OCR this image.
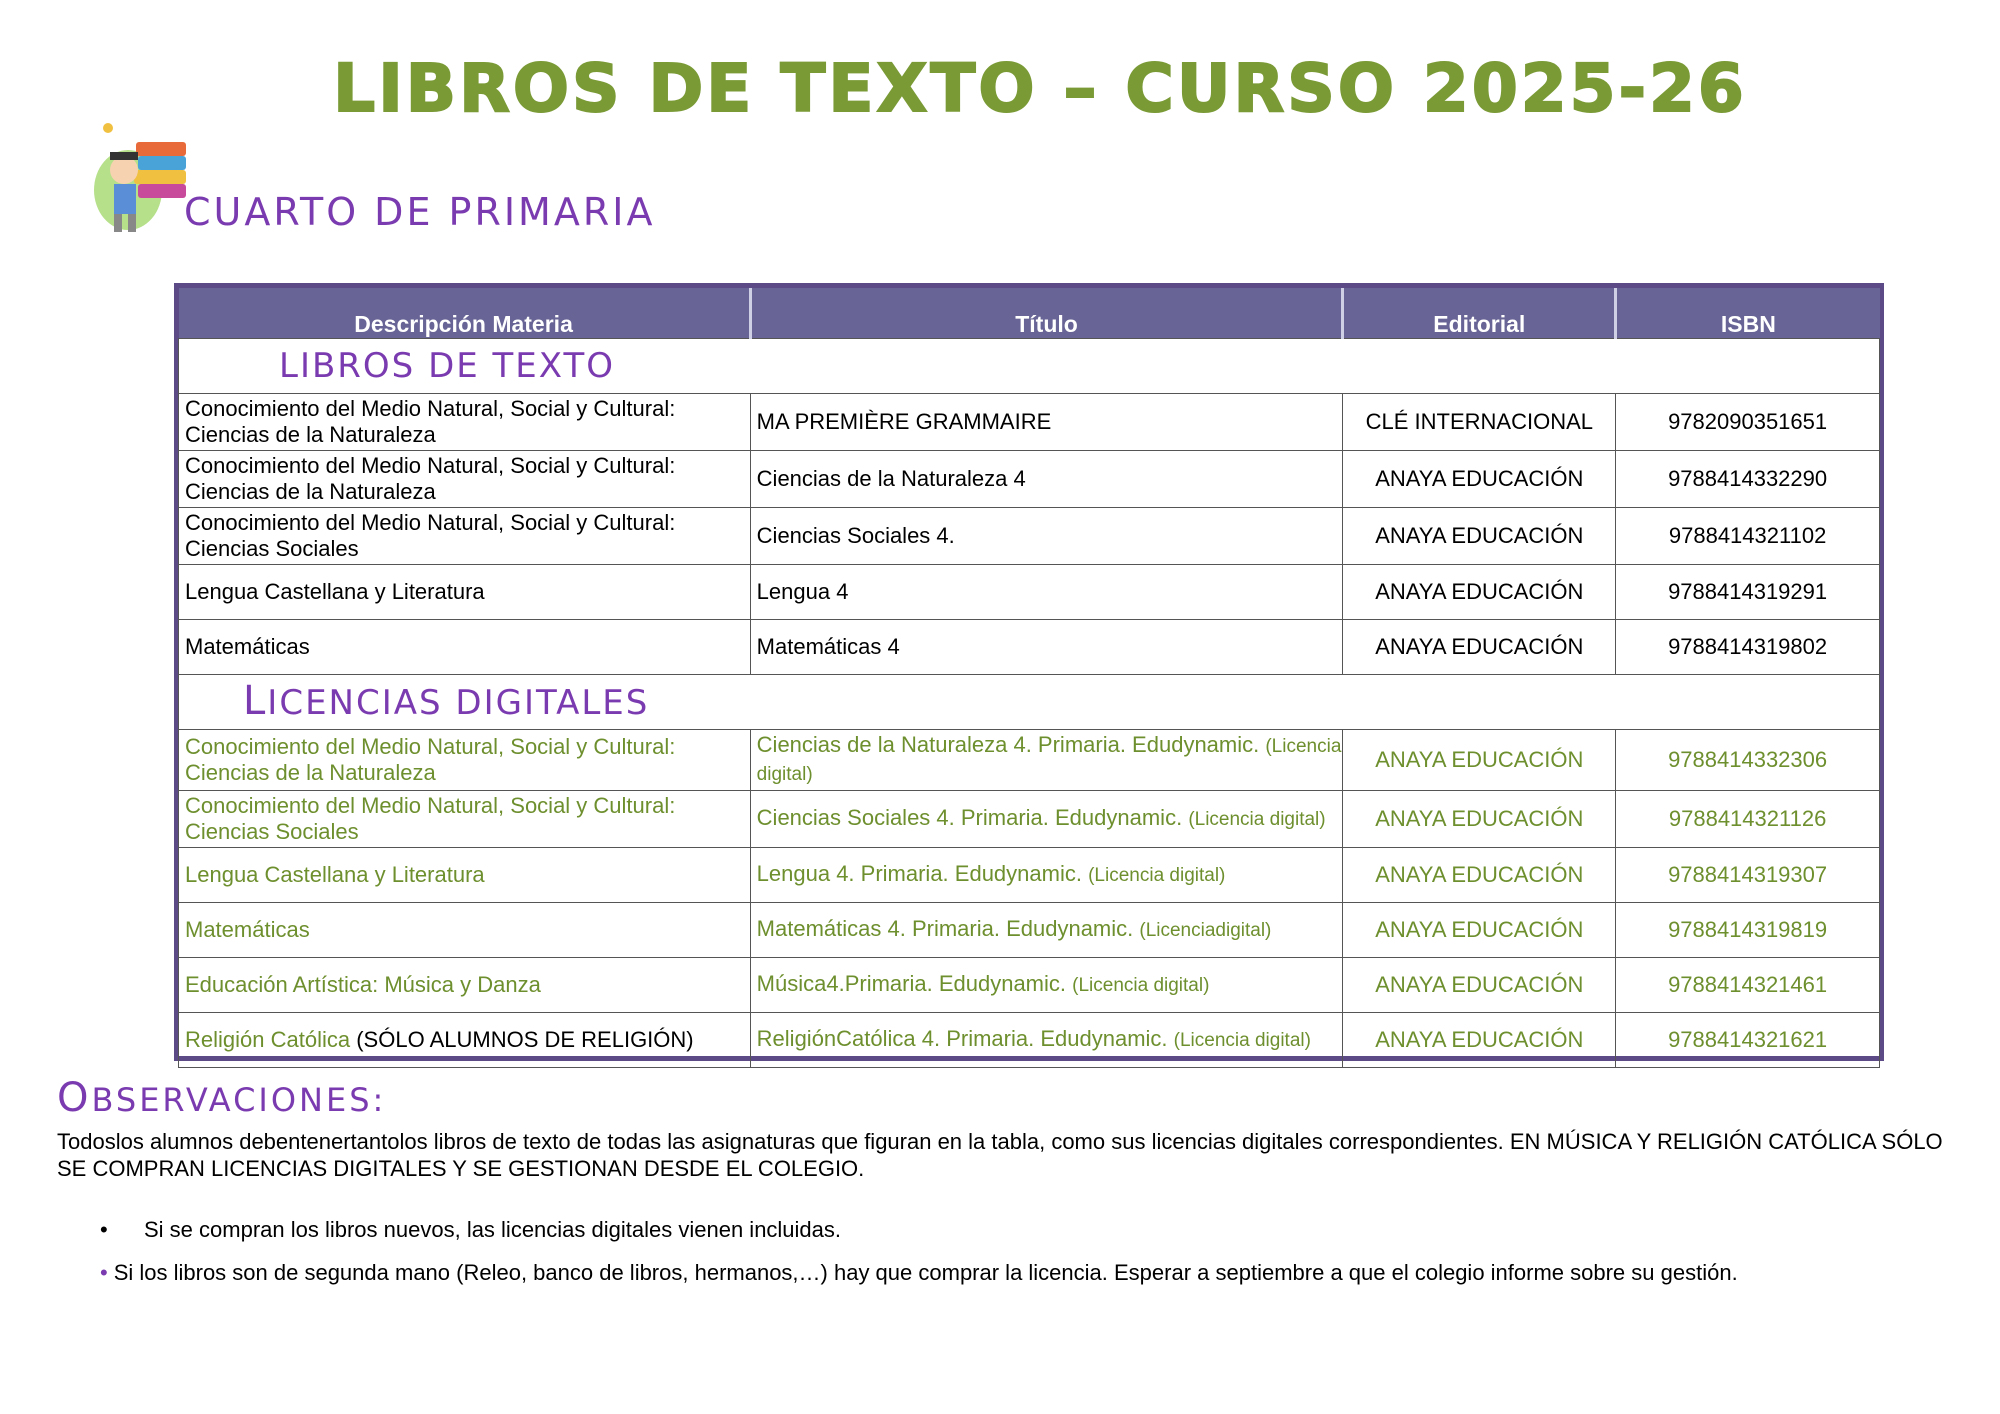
LIBROS DE TEXTO – CURSO 2025-26
CUARTO DE PRIMARIA
Descripción Materia	Título	Editorial	ISBN
LIBROS DE TEXTO			
Conocimiento del Medio Natural, Social y Cultural: Ciencias de la Naturaleza	MA PREMIÈRE GRAMMAIRE	CLÉ INTERNACIONAL	9782090351651
Conocimiento del Medio Natural, Social y Cultural: Ciencias de la Naturaleza	Ciencias de la Naturaleza 4	ANAYA EDUCACIÓN	9788414332290
Conocimiento del Medio Natural, Social y Cultural: Ciencias Sociales	Ciencias Sociales 4.	ANAYA EDUCACIÓN	9788414321102
Lengua Castellana y Literatura	Lengua 4	ANAYA EDUCACIÓN	9788414319291
Matemáticas	Matemáticas 4	ANAYA EDUCACIÓN	9788414319802
LICENCIAS DIGITALES			
Conocimiento del Medio Natural, Social y Cultural: Ciencias de la Naturaleza	Ciencias de la Naturaleza 4. Primaria. Edudynamic. (Licencia digital)	ANAYA EDUCACIÓN	9788414332306
Conocimiento del Medio Natural, Social y Cultural: Ciencias Sociales	Ciencias Sociales 4. Primaria. Edudynamic. (Licencia digital)	ANAYA EDUCACIÓN	9788414321126
Lengua Castellana y Literatura	Lengua 4. Primaria. Edudynamic. (Licencia digital)	ANAYA EDUCACIÓN	9788414319307
Matemáticas	Matemáticas 4. Primaria. Edudynamic. (Licenciadigital)	ANAYA EDUCACIÓN	9788414319819
Educación Artística: Música y Danza	Música4.Primaria. Edudynamic. (Licencia digital)	ANAYA EDUCACIÓN	9788414321461
Religión Católica (SÓLO ALUMNOS DE RELIGIÓN)	ReligiónCatólica 4. Primaria. Edudynamic. (Licencia digital)	ANAYA EDUCACIÓN	9788414321621
OBSERVACIONES:
Todoslos alumnos debentenertantolos libros de texto de todas las asignaturas que figuran en la tabla, como sus licencias digitales correspondientes. EN MÚSICA Y RELIGIÓN CATÓLICA SÓLO SE COMPRAN LICENCIAS DIGITALES Y SE GESTIONAN DESDE EL COLEGIO.
• Si se compran los libros nuevos, las licencias digitales vienen incluidas.
• Si los libros son de segunda mano (Releo, banco de libros, hermanos,…) hay que comprar la licencia. Esperar a septiembre a que el colegio informe sobre su gestión.
